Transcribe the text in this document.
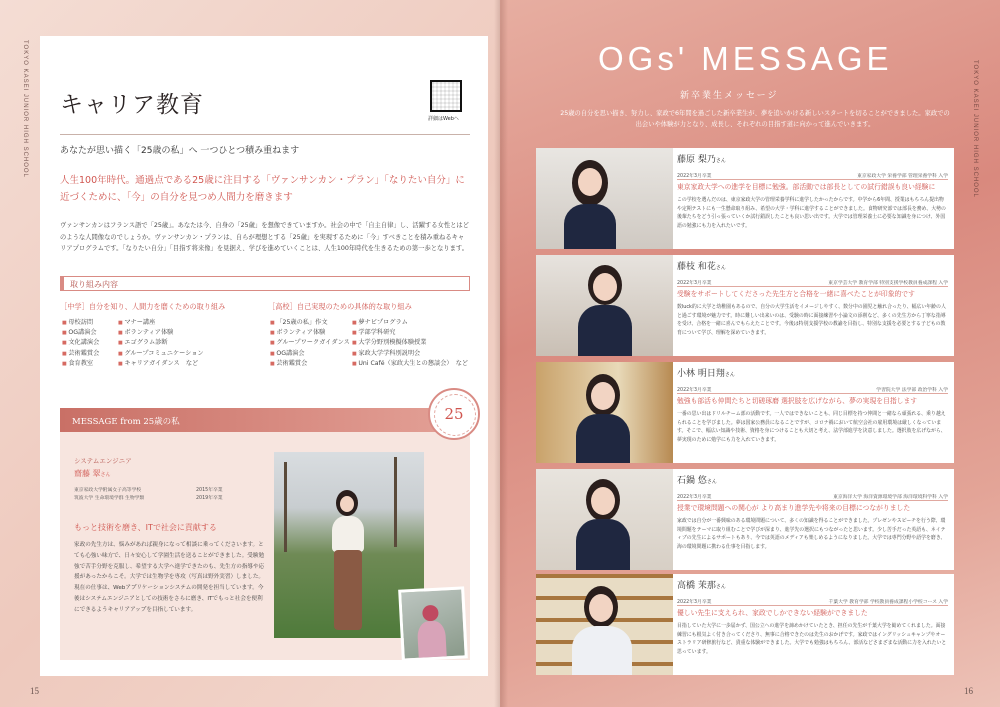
TOKYO KASEI JUNIOR HIGH SCHOOL キャリア教育
詳細はWebへ
あなたが思い描く「25歳の私」へ 一つひとつ積み重ねます
人生100年時代。通過点である25歳に注目する「ヴァンサンカン・プラン」「なりたい自分」に近づくために、「今」の自分を見つめ人間力を磨きます
ヴァンサンカンはフランス語で「25歳」。あなたは今、自身の「25歳」を想像できていますか。社会の中で「自主自律」し、活躍する女性とはどのような人間像なのでしょうか。ヴァンサンカン・プランは、自らが理想とする「25歳」を実現するために「今」すべきことを積み重ねるキャリアプログラムです。「なりたい自分」「目指す将来像」を見据え、学びを進めていくことは、人生100年時代を生きるための第一歩となります。
取り組み内容
［中学］自分を知り、人間力を磨くための取り組み
■ 母校訪問
■ OG講演会
■ 文化講演会
■ 芸術鑑賞会
■ 食育教室
■ マナー講座
■ ボランティア体験
■ エゴグラム診断
■ グループコミュニケーション
■ キャリアガイダンス　など
［高校］自己実現のための具体的な取り組み
■ 「25歳の私」作文
■ ボランティア体験
■ グループワークガイダンス
■ OG講演会
■ 芸術鑑賞会
■ 夢ナビプログラム
■ 学部学科研究
■ 大学分野別模擬体験授業
■ 家政大学学科別説明会
■ Uni Café（家政大生との懇談会）　など
MESSAGE from 25歳の私
システムエンジニア
齋藤 翠さん
東京家政大学附属女子高等学校	2015年卒業
筑波大学 生命環境学群 生物学類	2019年卒業
もっと技術を磨き、ITで社会に貢献する
家政の先生方は、悩みがあれば親身になって相談に乗ってくださいます。とても心強い味方で、日々安心して学園生活を送ることができました。受験勉強で苦手分野を克服し、希望する大学へ進学できたのも、先生方の指導や応援があったからこそ。大学では生物学を専攻（写真は野外実習）しました。現在の仕事は、Webアプリケーションシステムの開発を担当しています。今後はシステムエンジニアとしての技術をさらに磨き、ITでもっと社会を便利にできるようキャリアアップを目指しています。
25
15
TOKYO KASEI JUNIOR HIGH SCHOOL
OGs' MESSAGE
新卒業生メッセージ
25歳の自分を思い描き、努力し、家政で6年間を過ごした新卒業生が、夢を追いかける新しいスタートを切ることができました。家政での出会いや体験が力となり、成長し、それぞれの目指す道に向かって進んでいきます。
藤原 梨乃さん
2022年3月卒業	東京家政大学 栄養学部 管理栄養学科 入学
東京家政大学への進学を目標に勉強。部活動では部長としての試行錯誤も良い経験に
この学校を選んだのは、東京家政大学の管理栄養学科に進学したかったからです。中学から6年間、授業はもちろん提出物や定期テストにも一生懸命取り組み、希望の大学・学科に進学することができました。食物研究部では部長を務め、大勢の後輩たちをどう引っ張っていくか試行錯誤したことも良い思い出です。大学では管理栄養士に必要な知識を身につけ、外国語の勉強にも力を入れたいです。
藤枝 和花さん
2022年3月卒業	東京学芸大学 教育学部 特別支援学校教員養成課程 入学
受験をサポートしてくださった先生方と合格を一緒に喜べたことが印象的です
数luck的に大学と幼稚園もあるので、自分の大学生活をイメージしやすく、数分中の園児と触れ合ったり、幅広い年齢の人と過ごす環境が魅力です。時に難しい出来いのは、受験の時に面接練習や小論文の添削など、多くの先生方から丁寧な指導を受け、合格を一緒に喜んでもらえたことです。今後は特別支援学校の教諭を目指し、特別な支援を必要とする子どもの教育について学び、理解を深めていきます。
小林 明日翔さん
2022年3月卒業	学習院大学 法学部 政治学科 入学
勉強も部活も仲間たちと切磋琢磨 選択肢を広げながら、夢の実現を目指します
一番の思い出はドリルチーム部の活動です。一人ではできないことも、同じ目標を持つ仲間と一緒なら頑張れる、乗り越えられることを学びました。夢は国家公務員になることですが、コロナ禍において航空会社の雇用環境は厳しくなっています。そこで、幅広い知識や技術、資格を身につけることも大切と考え、法学部進学を決意しました。選択肢を広げながら、夢実現のために勉学にも力を入れていきます。
石鍋 悠さん
2022年3月卒業	東京海洋大学 海洋資源環境学部 海洋環境科学科 入学
授業で環境問題への関心が より高まり進学先や将来の目標につながりました
家政では自分が一番興味のある環境問題について、多くの知識を得ることができました。プレゼンやスピーチを行う際、環境問題をテーマに取り組むことで学びが深まり、進学先の選択にもつながったと思います。少し苦手だった英語も、ネイティブの先生によるサポートもあり、今では英語のメディアも楽しめるようになりました。大学では専門分野や語学を磨き、海の環境問題に携わる仕事を目指します。
高橋 茉那さん
2022年3月卒業	千葉大学 教育学部 学校教員養成課程小学校コース 入学
優しい先生に支えられ、家政でしかできない経験ができました
目指していた大学に一歩届かず、国公立への進学を諦めかけていたとき、担任の先生が千葉大学を勧めてくれました。面接練習にも根気よく付き合ってくださり、無事に合格できたのは先生のおかげです。家政ではイングリッシュキャンプやオーストラリア研修旅行など、貴重な体験ができました。大学でも勉強はもちろん、部活などさまざまな活動に力を入れたいと思っています。
16
